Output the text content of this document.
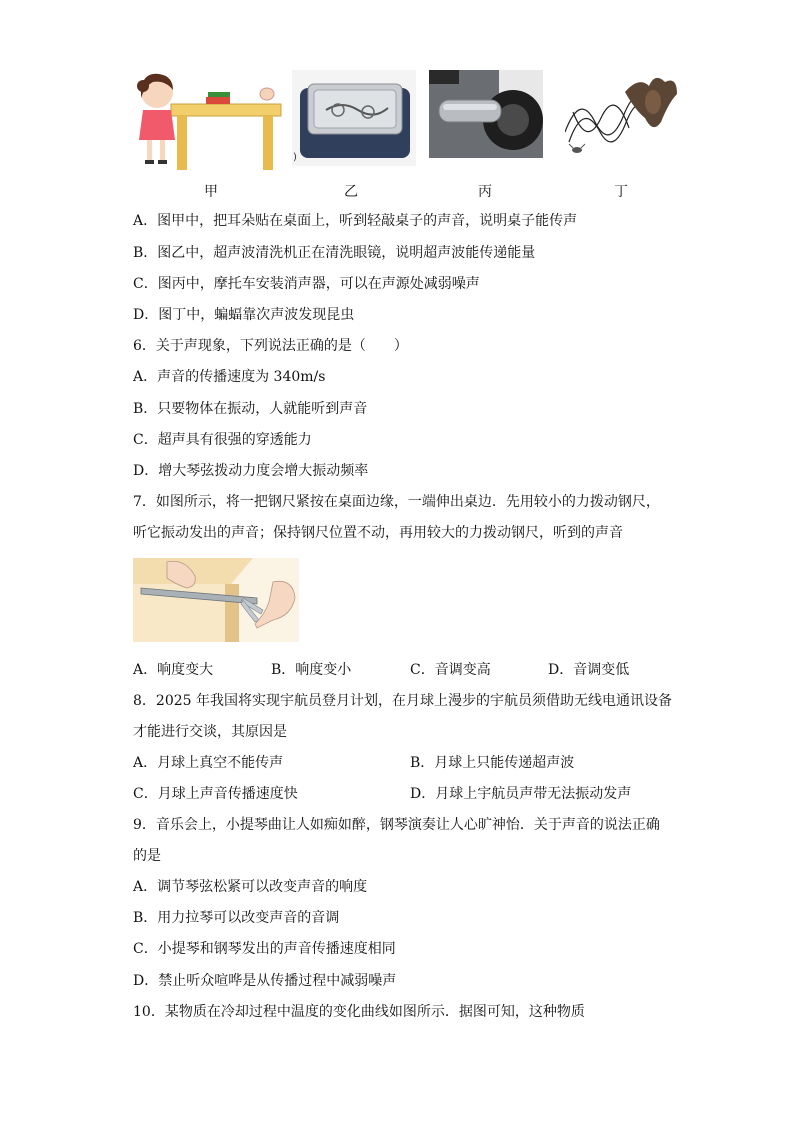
)
甲	乙	丙	丁
A．图甲中，把耳朵贴在桌面上，听到轻敲桌子的声音，说明桌子能传声
B．图乙中，超声波清洗机正在清洗眼镜，说明超声波能传递能量
C．图丙中，摩托车安装消声器，可以在声源处减弱噪声
D．图丁中，蝙蝠靠次声波发现昆虫
6．关于声现象，下列说法正确的是（　　）
A．声音的传播速度为 340m/s
B．只要物体在振动，人就能听到声音
C．超声具有很强的穿透能力
D．增大琴弦拨动力度会增大振动频率
7．如图所示，将一把钢尺紧按在桌面边缘，一端伸出桌边．先用较小的力拨动钢尺，
听它振动发出的声音；保持钢尺位置不动，再用较大的力拨动钢尺，听到的声音
A．响度变大	B．响度变小	C．音调变高	D．音调变低
8．2025 年我国将实现宇航员登月计划，在月球上漫步的宇航员须借助无线电通讯设备
才能进行交谈，其原因是
A．月球上真空不能传声	B．月球上只能传递超声波
C．月球上声音传播速度快	D．月球上宇航员声带无法振动发声
9．音乐会上，小提琴曲让人如痴如醉，钢琴演奏让人心旷神怡．关于声音的说法正确
的是
A．调节琴弦松紧可以改变声音的响度
B．用力拉琴可以改变声音的音调
C．小提琴和钢琴发出的声音传播速度相同
D．禁止听众喧哗是从传播过程中减弱噪声
10．某物质在冷却过程中温度的变化曲线如图所示．据图可知，这种物质
